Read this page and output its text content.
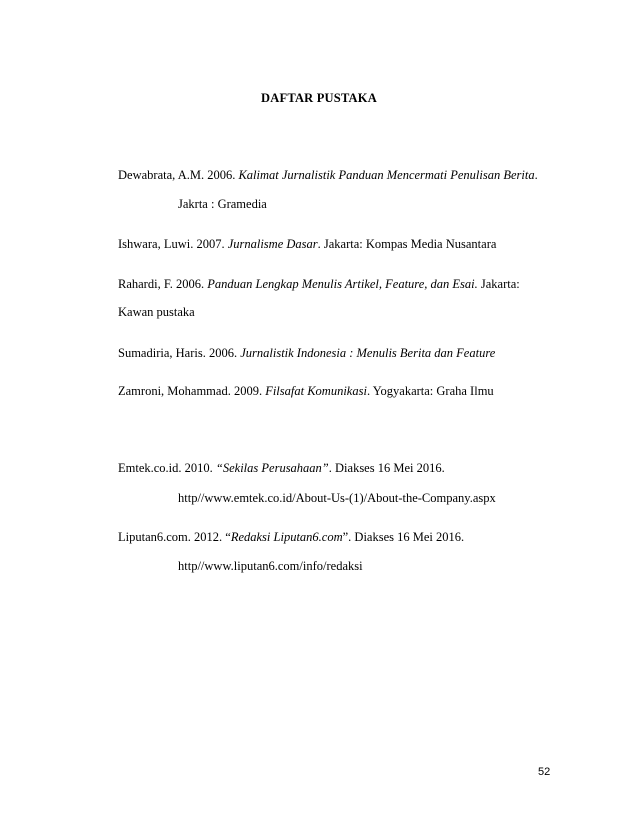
DAFTAR PUSTAKA
Dewabrata, A.M. 2006. Kalimat Jurnalistik Panduan Mencermati Penulisan Berita.
Jakrta : Gramedia
Ishwara, Luwi. 2007. Jurnalisme Dasar. Jakarta: Kompas Media Nusantara
Rahardi, F. 2006. Panduan Lengkap Menulis Artikel, Feature, dan Esai. Jakarta:
Kawan pustaka
Sumadiria, Haris. 2006. Jurnalistik Indonesia : Menulis Berita dan Feature
Zamroni, Mohammad. 2009. Filsafat Komunikasi. Yogyakarta: Graha Ilmu
Emtek.co.id. 2010. “Sekilas Perusahaan”. Diakses 16 Mei 2016.
http//www.emtek.co.id/About-Us-(1)/About-the-Company.aspx
Liputan6.com. 2012. “Redaksi Liputan6.com”. Diakses 16 Mei 2016.
http//www.liputan6.com/info/redaksi
52
